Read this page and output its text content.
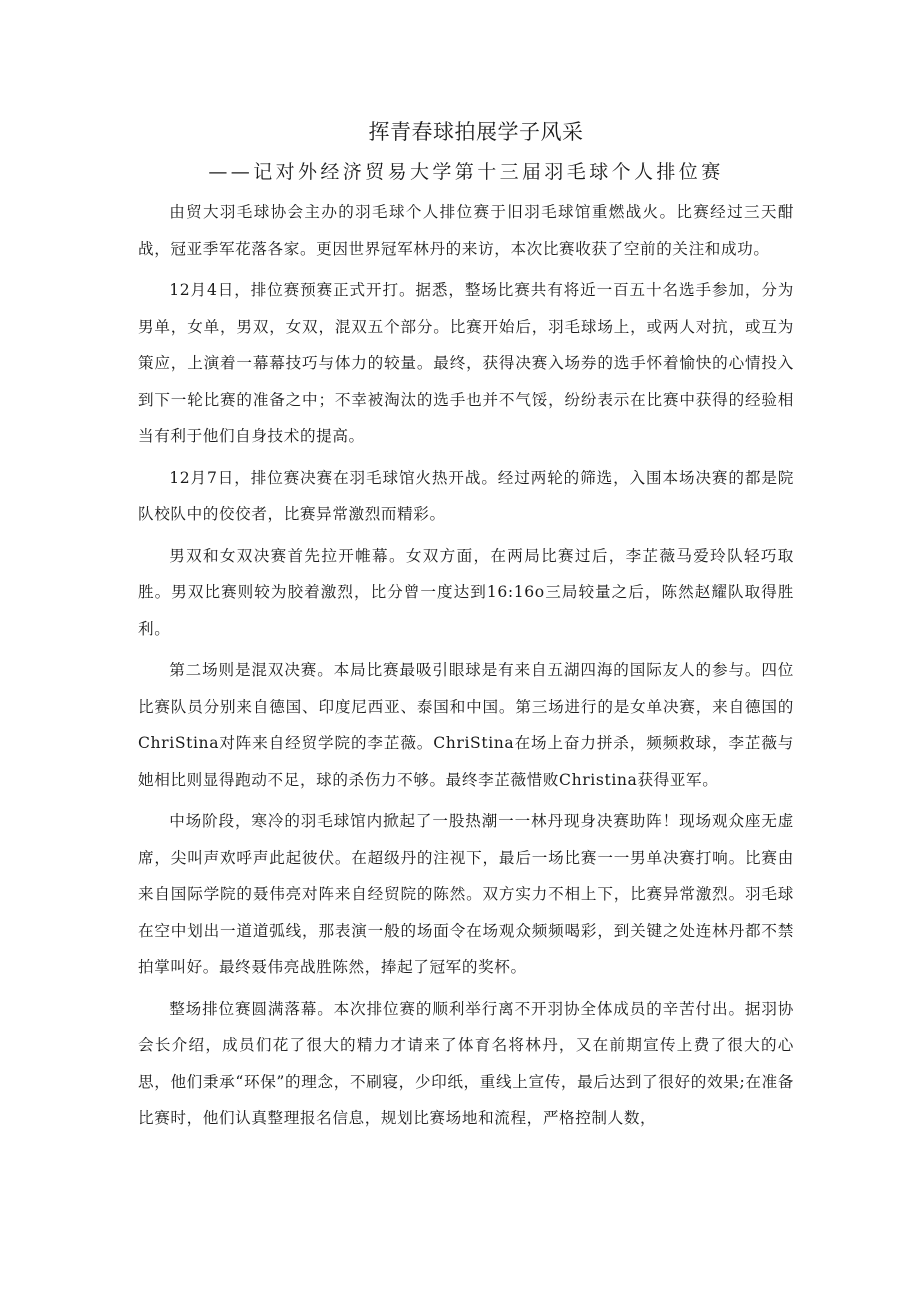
挥青春球拍展学子风采
——记对外经济贸易大学第十三届羽毛球个人排位赛

由贸大羽毛球协会主办的羽毛球个人排位赛于旧羽毛球馆重燃战火。比赛经过三天酣战，冠亚季军花落各家。更因世界冠军林丹的来访，本次比赛收获了空前的关注和成功。

12月4日，排位赛预赛正式开打。据悉，整场比赛共有将近一百五十名选手参加，分为男单，女单，男双，女双，混双五个部分。比赛开始后，羽毛球场上，或两人对抗，或互为策应，上演着一幕幕技巧与体力的较量。最终，获得决赛入场券的选手怀着愉快的心情投入到下一轮比赛的准备之中；不幸被淘汰的选手也并不气馁，纷纷表示在比赛中获得的经验相当有利于他们自身技术的提高。

12月7日，排位赛决赛在羽毛球馆火热开战。经过两轮的筛选，入围本场决赛的都是院队校队中的佼佼者，比赛异常激烈而精彩。

男双和女双决赛首先拉开帷幕。女双方面，在两局比赛过后，李芷薇马爱玲队轻巧取胜。男双比赛则较为胶着激烈，比分曾一度达到16:16o三局较量之后，陈然赵耀队取得胜利。

第二场则是混双决赛。本局比赛最吸引眼球是有来自五湖四海的国际友人的参与。四位比赛队员分别来自德国、印度尼西亚、泰国和中国。第三场进行的是女单决赛，来自德国的ChriStina对阵来自经贸学院的李芷薇。ChriStina在场上奋力拼杀，频频救球，李芷薇与她相比则显得跑动不足，球的杀伤力不够。最终李芷薇惜败Christina获得亚军。

中场阶段，寒冷的羽毛球馆内掀起了一股热潮一一林丹现身决赛助阵！现场观众座无虚席，尖叫声欢呼声此起彼伏。在超级丹的注视下，最后一场比赛一一男单决赛打响。比赛由来自国际学院的聂伟亮对阵来自经贸院的陈然。双方实力不相上下，比赛异常激烈。羽毛球在空中划出一道道弧线，那表演一般的场面令在场观众频频喝彩，到关键之处连林丹都不禁拍掌叫好。最终聂伟亮战胜陈然，捧起了冠军的奖杯。

整场排位赛圆满落幕。本次排位赛的顺利举行离不开羽协全体成员的辛苦付出。据羽协会长介绍，成员们花了很大的精力才请来了体育名将林丹，又在前期宣传上费了很大的心思，他们秉承“环保”的理念，不刷寝，少印纸，重线上宣传，最后达到了很好的效果;在准备比赛时，他们认真整理报名信息，规划比赛场地和流程，严格控制人数，
